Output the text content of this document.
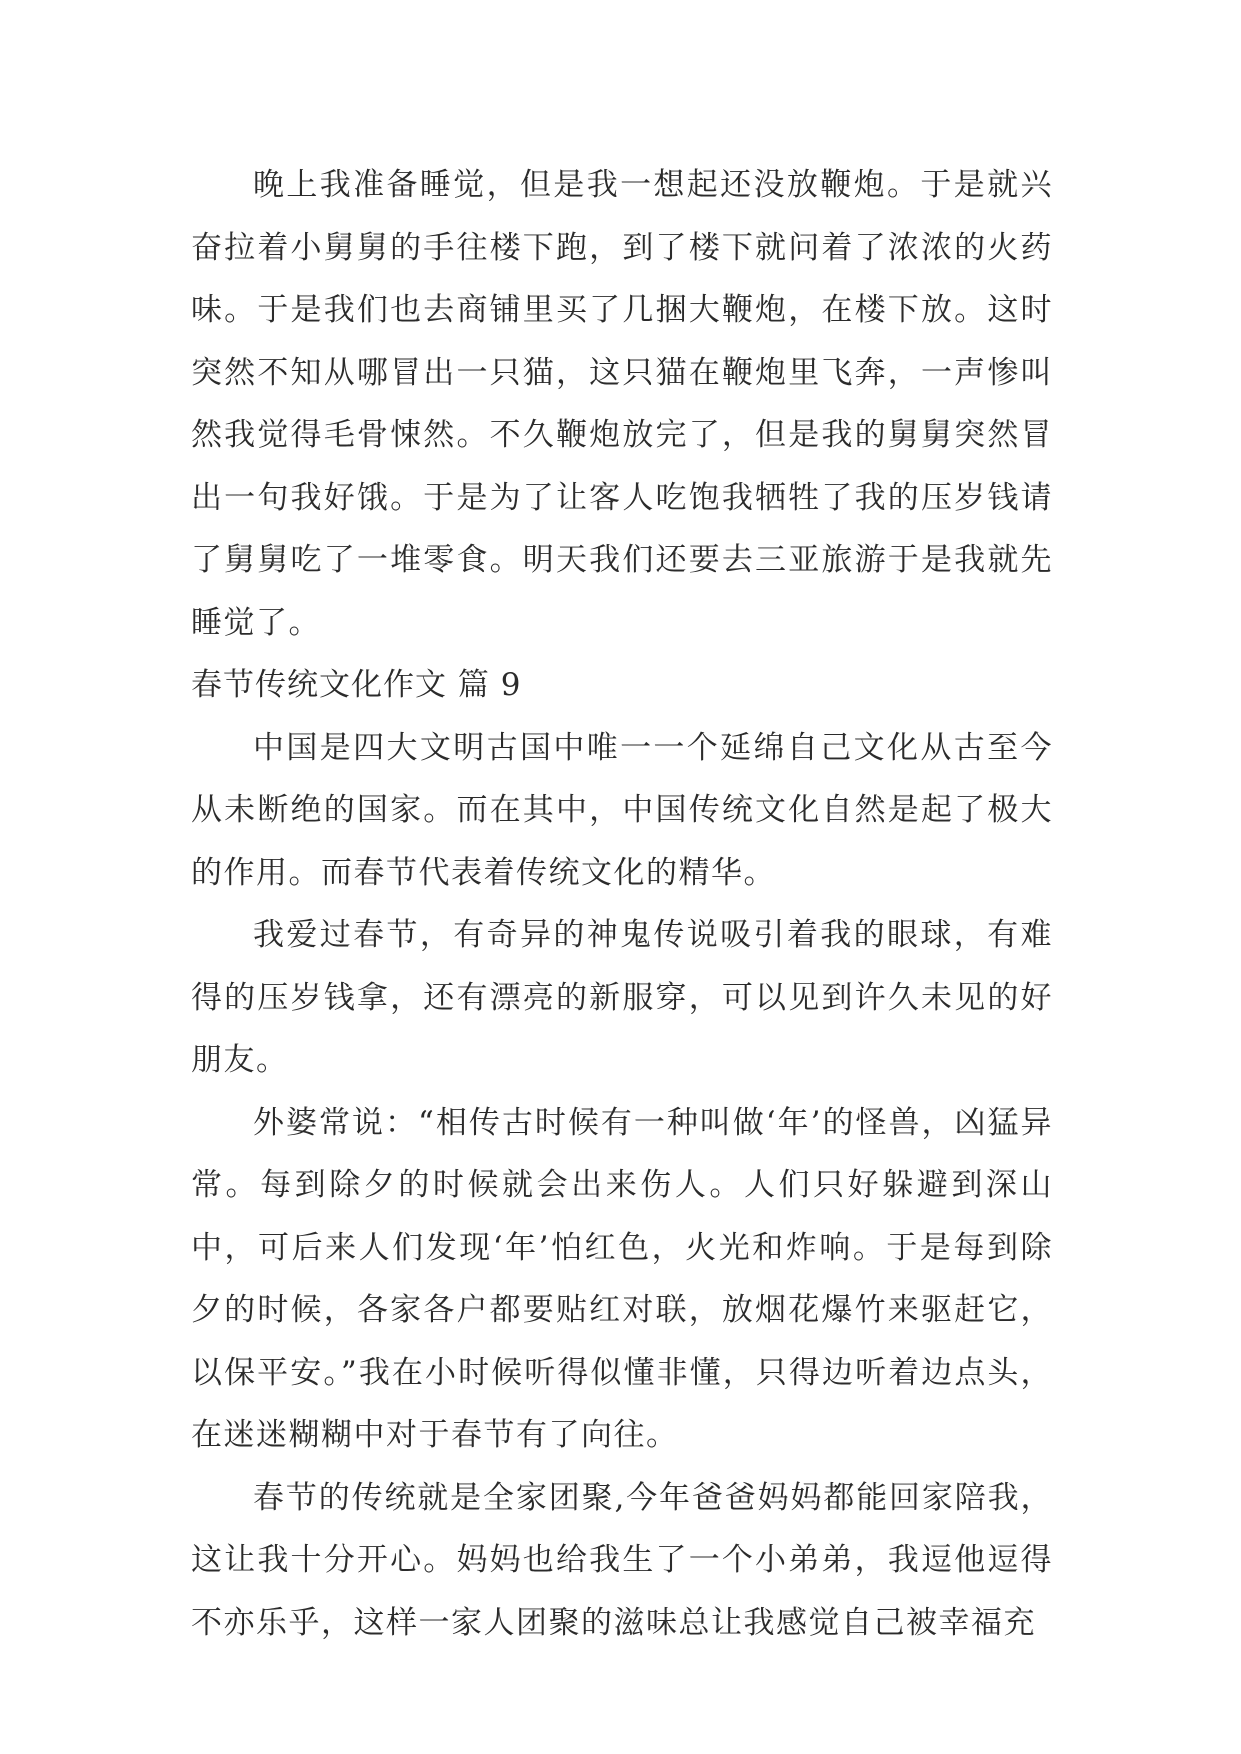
晚上我准备睡觉，但是我一想起还没放鞭炮。于是就兴奋拉着小舅舅的手往楼下跑，到了楼下就问着了浓浓的火药味。于是我们也去商铺里买了几捆大鞭炮，在楼下放。这时突然不知从哪冒出一只猫，这只猫在鞭炮里飞奔，一声惨叫然我觉得毛骨悚然。不久鞭炮放完了，但是我的舅舅突然冒出一句我好饿。于是为了让客人吃饱我牺牲了我的压岁钱请了舅舅吃了一堆零食。明天我们还要去三亚旅游于是我就先睡觉了。

春节传统文化作文 篇 9

中国是四大文明古国中唯一一个延绵自己文化从古至今从未断绝的国家。而在其中，中国传统文化自然是起了极大的作用。而春节代表着传统文化的精华。

我爱过春节，有奇异的神鬼传说吸引着我的眼球，有难得的压岁钱拿，还有漂亮的新服穿，可以见到许久未见的好朋友。

外婆常说：“相传古时候有一种叫做‘年’的怪兽，凶猛异常。每到除夕的时候就会出来伤人。人们只好躲避到深山中，可后来人们发现‘年’怕红色，火光和炸响。于是每到除夕的时候，各家各户都要贴红对联，放烟花爆竹来驱赶它，以保平安。”我在小时候听得似懂非懂，只得边听着边点头，在迷迷糊糊中对于春节有了向往。

春节的传统就是全家团聚,今年爸爸妈妈都能回家陪我，这让我十分开心。妈妈也给我生了一个小弟弟，我逗他逗得不亦乐乎，这样一家人团聚的滋味总让我感觉自己被幸福充
